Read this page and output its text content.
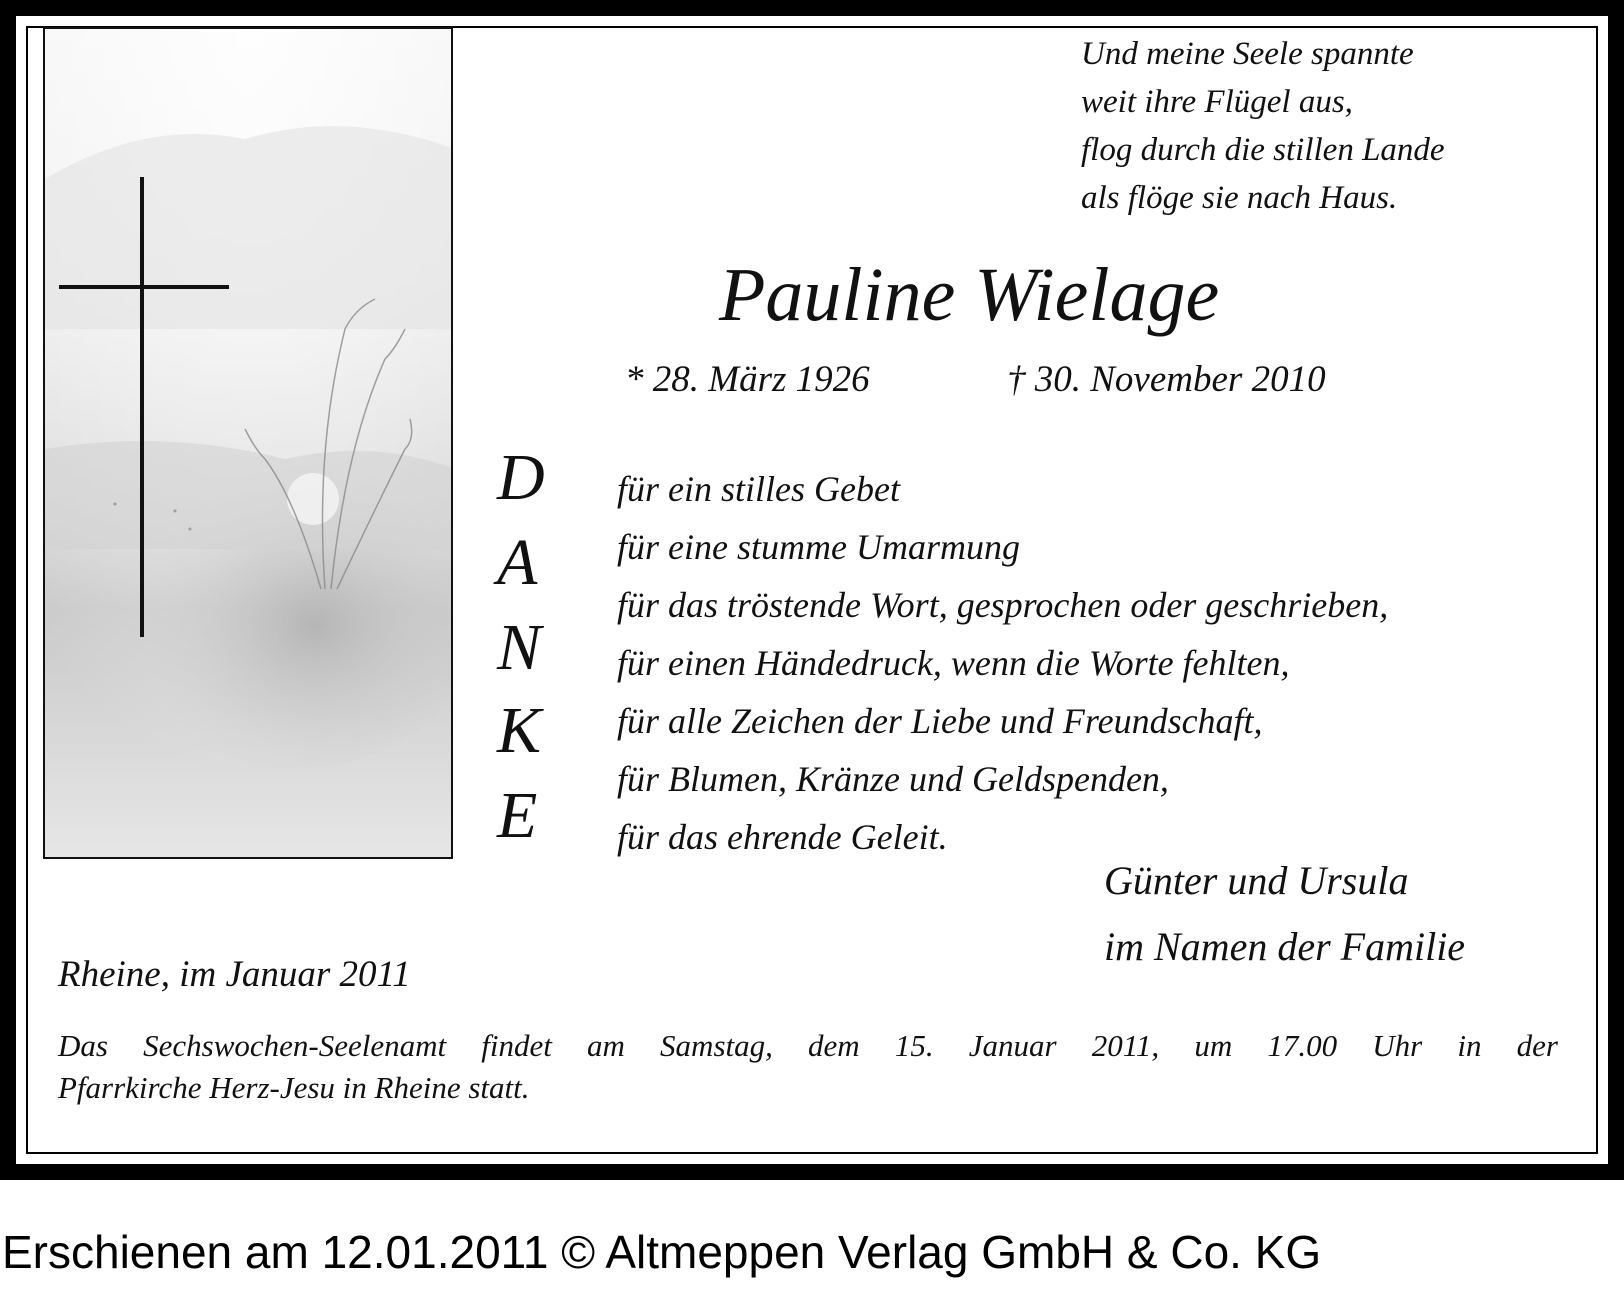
Und meine Seele spannte
weit ihre Flügel aus,
flog durch die stillen Lande
als flöge sie nach Haus.
Pauline Wielage
* 28. März 1926	† 30. November 2010
D
A
N
K
E
für ein stilles Gebet
für eine stumme Umarmung
für das tröstende Wort, gesprochen oder geschrieben,
für einen Händedruck, wenn die Worte fehlten,
für alle Zeichen der Liebe und Freundschaft,
für Blumen, Kränze und Geldspenden,
für das ehrende Geleit.
Günter und Ursula
im Namen der Familie
Rheine, im Januar 2011
Das Sechswochen-Seelenamt findet am Samstag, dem 15. Januar 2011, um 17.00 Uhr in der
Pfarrkirche Herz-Jesu in Rheine statt.
Erschienen am 12.01.2011 © Altmeppen Verlag GmbH & Co. KG
